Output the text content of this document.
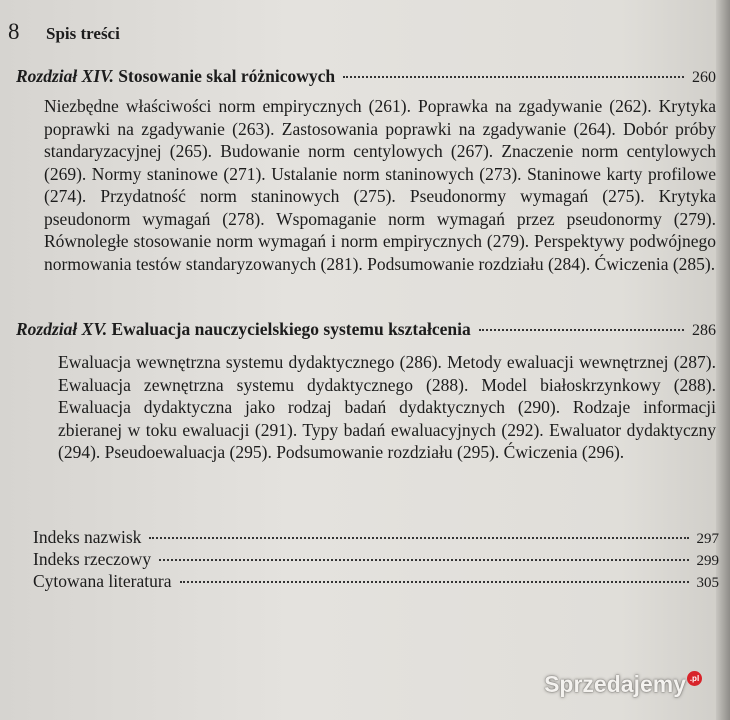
8 Spis treści
Rozdział XIV.
Stosowanie skal różnicowych	260
Niezbędne właściwości norm empirycznych (261). Poprawka na zgadywanie (262). Krytyka poprawki na zgadywanie (263). Zastosowania poprawki na zgadywanie (264). Dobór próby standaryzacyjnej (265). Budowanie norm centylowych (267). Znaczenie norm centylowych (269). Normy staninowe (271). Ustalanie norm staninowych (273). Staninowe karty profilowe (274). Przydatność norm staninowych (275). Pseudonormy wymagań (275). Krytyka pseudonorm wymagań (278). Wspomaganie norm wymagań przez pseudonormy (279). Równoległe stosowanie norm wymagań i norm empirycznych (279). Perspektywy podwójnego normowania testów standaryzowanych (281). Podsumowanie rozdziału (284). Ćwiczenia (285).
Rozdział XV.
Ewaluacja nauczycielskiego systemu kształcenia	286
Ewaluacja wewnętrzna systemu dydaktycznego (286). Metody ewaluacji wewnętrznej (287). Ewaluacja zewnętrzna systemu dydaktycznego (288). Model białoskrzynkowy (288). Ewaluacja dydaktyczna jako rodzaj badań dydaktycznych (290). Rodzaje informacji zbieranej w toku ewaluacji (291). Typy badań ewaluacyjnych (292). Ewaluator dydaktyczny (294). Pseudoewaluacja (295). Podsumowanie rozdziału (295). Ćwiczenia (296).
Indeks nazwisk	297
Indeks rzeczowy	299
Cytowana literatura	305
Sprzedajemy .pl
